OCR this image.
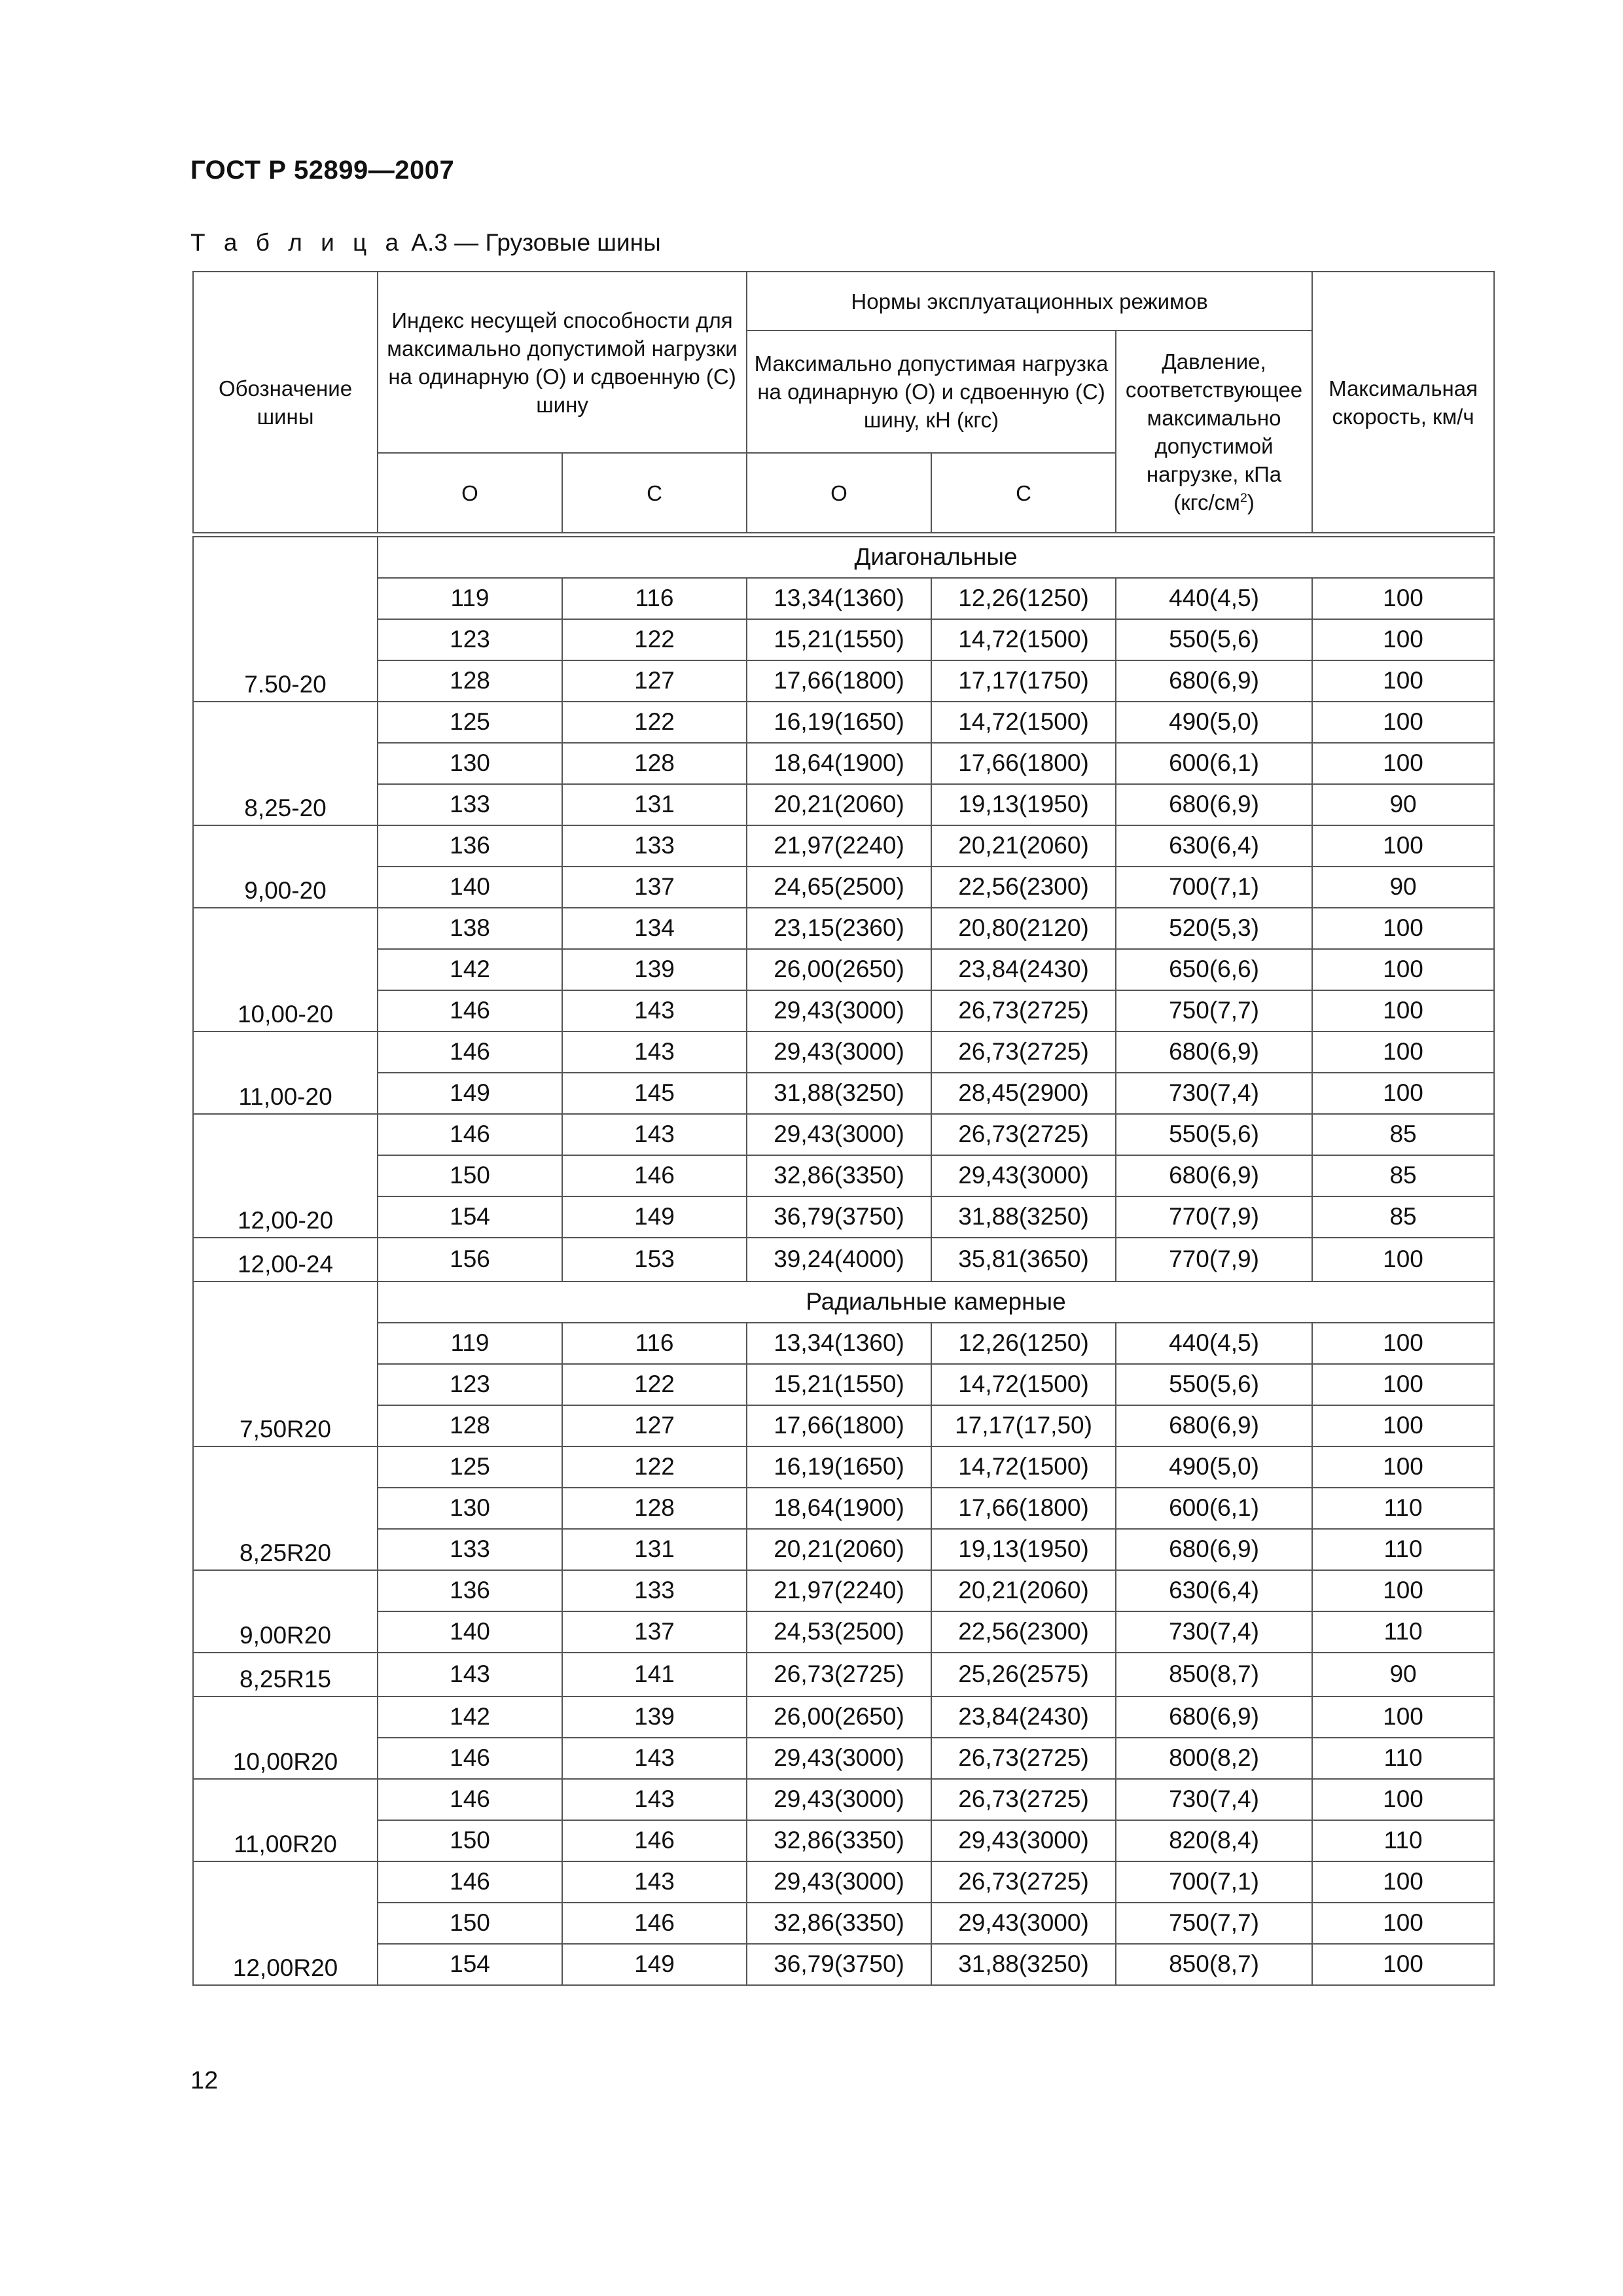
ГОСТ Р 52899—2007
Т а б л и ц а А.3 — Грузовые шины
Обозначение шины	Индекс несущей способности для максимально допустимой нагрузки на одинарную (О) и сдвоенную (С) шину		Нормы эксплуатационных режимов			Максимальная скорость, км/ч
			Максимально допустимая нагрузка на одинарную (О) и сдвоенную (С) шину, кН (кгс)		Давление, соответствующее максимально допустимой нагрузке, кПа
$(кгс/см^2)$	
	О	С	О	С		

7.50-20	Диагональные					
	119	116	13,34(1360)	12,26(1250)	440(4,5)	100
	123	122	15,21(1550)	14,72(1500)	550(5,6)	100
	128	127	17,66(1800)	17,17(1750)	680(6,9)	100
8,25-20	125	122	16,19(1650)	14,72(1500)	490(5,0)	100
	130	128	18,64(1900)	17,66(1800)	600(6,1)	100
	133	131	20,21(2060)	19,13(1950)	680(6,9)	90
9,00-20	136	133	21,97(2240)	20,21(2060)	630(6,4)	100
	140	137	24,65(2500)	22,56(2300)	700(7,1)	90
10,00-20	138	134	23,15(2360)	20,80(2120)	520(5,3)	100
	142	139	26,00(2650)	23,84(2430)	650(6,6)	100
	146	143	29,43(3000)	26,73(2725)	750(7,7)	100
11,00-20	146	143	29,43(3000)	26,73(2725)	680(6,9)	100
	149	145	31,88(3250)	28,45(2900)	730(7,4)	100
12,00-20	146	143	29,43(3000)	26,73(2725)	550(5,6)	85
	150	146	32,86(3350)	29,43(3000)	680(6,9)	85
	154	149	36,79(3750)	31,88(3250)	770(7,9)	85
12,00-24	156	153	39,24(4000)	35,81(3650)	770(7,9)	100
7,50R20	Радиальные камерные					
	119	116	13,34(1360)	12,26(1250)	440(4,5)	100
	123	122	15,21(1550)	14,72(1500)	550(5,6)	100
	128	127	17,66(1800)	17,17(17,50)	680(6,9)	100
8,25R20	125	122	16,19(1650)	14,72(1500)	490(5,0)	100
	130	128	18,64(1900)	17,66(1800)	600(6,1)	110
	133	131	20,21(2060)	19,13(1950)	680(6,9)	110
9,00R20	136	133	21,97(2240)	20,21(2060)	630(6,4)	100
	140	137	24,53(2500)	22,56(2300)	730(7,4)	110
8,25R15	143	141	26,73(2725)	25,26(2575)	850(8,7)	90
10,00R20	142	139	26,00(2650)	23,84(2430)	680(6,9)	100
	146	143	29,43(3000)	26,73(2725)	800(8,2)	110
11,00R20	146	143	29,43(3000)	26,73(2725)	730(7,4)	100
	150	146	32,86(3350)	29,43(3000)	820(8,4)	110
12,00R20	146	143	29,43(3000)	26,73(2725)	700(7,1)	100
	150	146	32,86(3350)	29,43(3000)	750(7,7)	100
	154	149	36,79(3750)	31,88(3250)	850(8,7)	100
12
